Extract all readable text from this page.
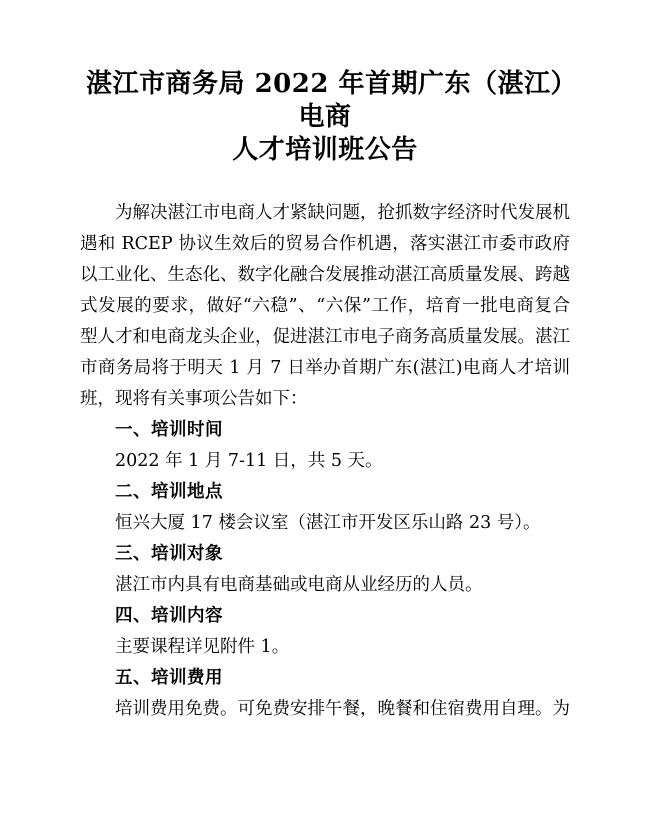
湛江市商务局 2022 年首期广东（湛江）电商
人才培训班公告

为解决湛江市电商人才紧缺问题，抢抓数字经济时代发展机遇和 RCEP 协议生效后的贸易合作机遇，落实湛江市委市政府以工业化、生态化、数字化融合发展推动湛江高质量发展、跨越式发展的要求，做好“六稳”、“六保”工作，培育一批电商复合型人才和电商龙头企业，促进湛江市电子商务高质量发展。湛江市商务局将于明天 1 月 7 日举办首期广东(湛江)电商人才培训班，现将有关事项公告如下：

一、培训时间

2022 年 1 月 7-11 日，共 5 天。

二、培训地点

恒兴大厦 17 楼会议室（湛江市开发区乐山路 23 号）。

三、培训对象

湛江市内具有电商基础或电商从业经历的人员。

四、培训内容

主要课程详见附件 1。

五、培训费用

培训费用免费。可免费安排午餐，晚餐和住宿费用自理。为
